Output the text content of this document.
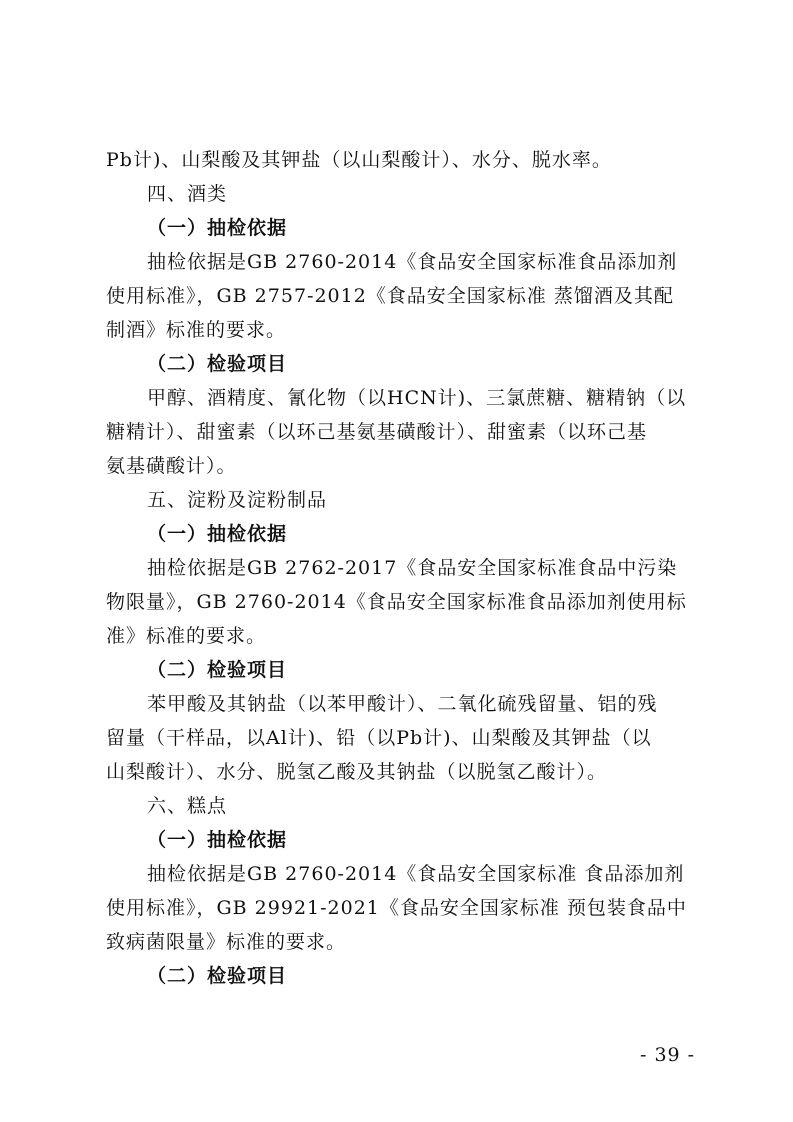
Pb计)、山梨酸及其钾盐（以山梨酸计）、水分、脱水率。
四、酒类
（一）抽检依据
抽检依据是GB 2760-2014《食品安全国家标准食品添加剂
使用标准》，GB 2757-2012《食品安全国家标准 蒸馏酒及其配
制酒》标准的要求。
（二）检验项目
甲醇、酒精度、氰化物（以HCN计)、三氯蔗糖、糖精钠（以
糖精计）、甜蜜素（以环己基氨基磺酸计）、甜蜜素（以环己基
氨基磺酸计）。
五、淀粉及淀粉制品
（一）抽检依据
抽检依据是GB 2762-2017《食品安全国家标准食品中污染
物限量》，GB 2760-2014《食品安全国家标准食品添加剂使用标
准》标准的要求。
（二）检验项目
苯甲酸及其钠盐（以苯甲酸计）、二氧化硫残留量、铝的残
留量（干样品，以Al计)、铅（以Pb计)、山梨酸及其钾盐（以
山梨酸计）、水分、脱氢乙酸及其钠盐（以脱氢乙酸计）。
六、糕点
（一）抽检依据
抽检依据是GB 2760-2014《食品安全国家标准 食品添加剂
使用标准》，GB 29921-2021《食品安全国家标准 预包装食品中
致病菌限量》标准的要求。
（二）检验项目
- 39 -
